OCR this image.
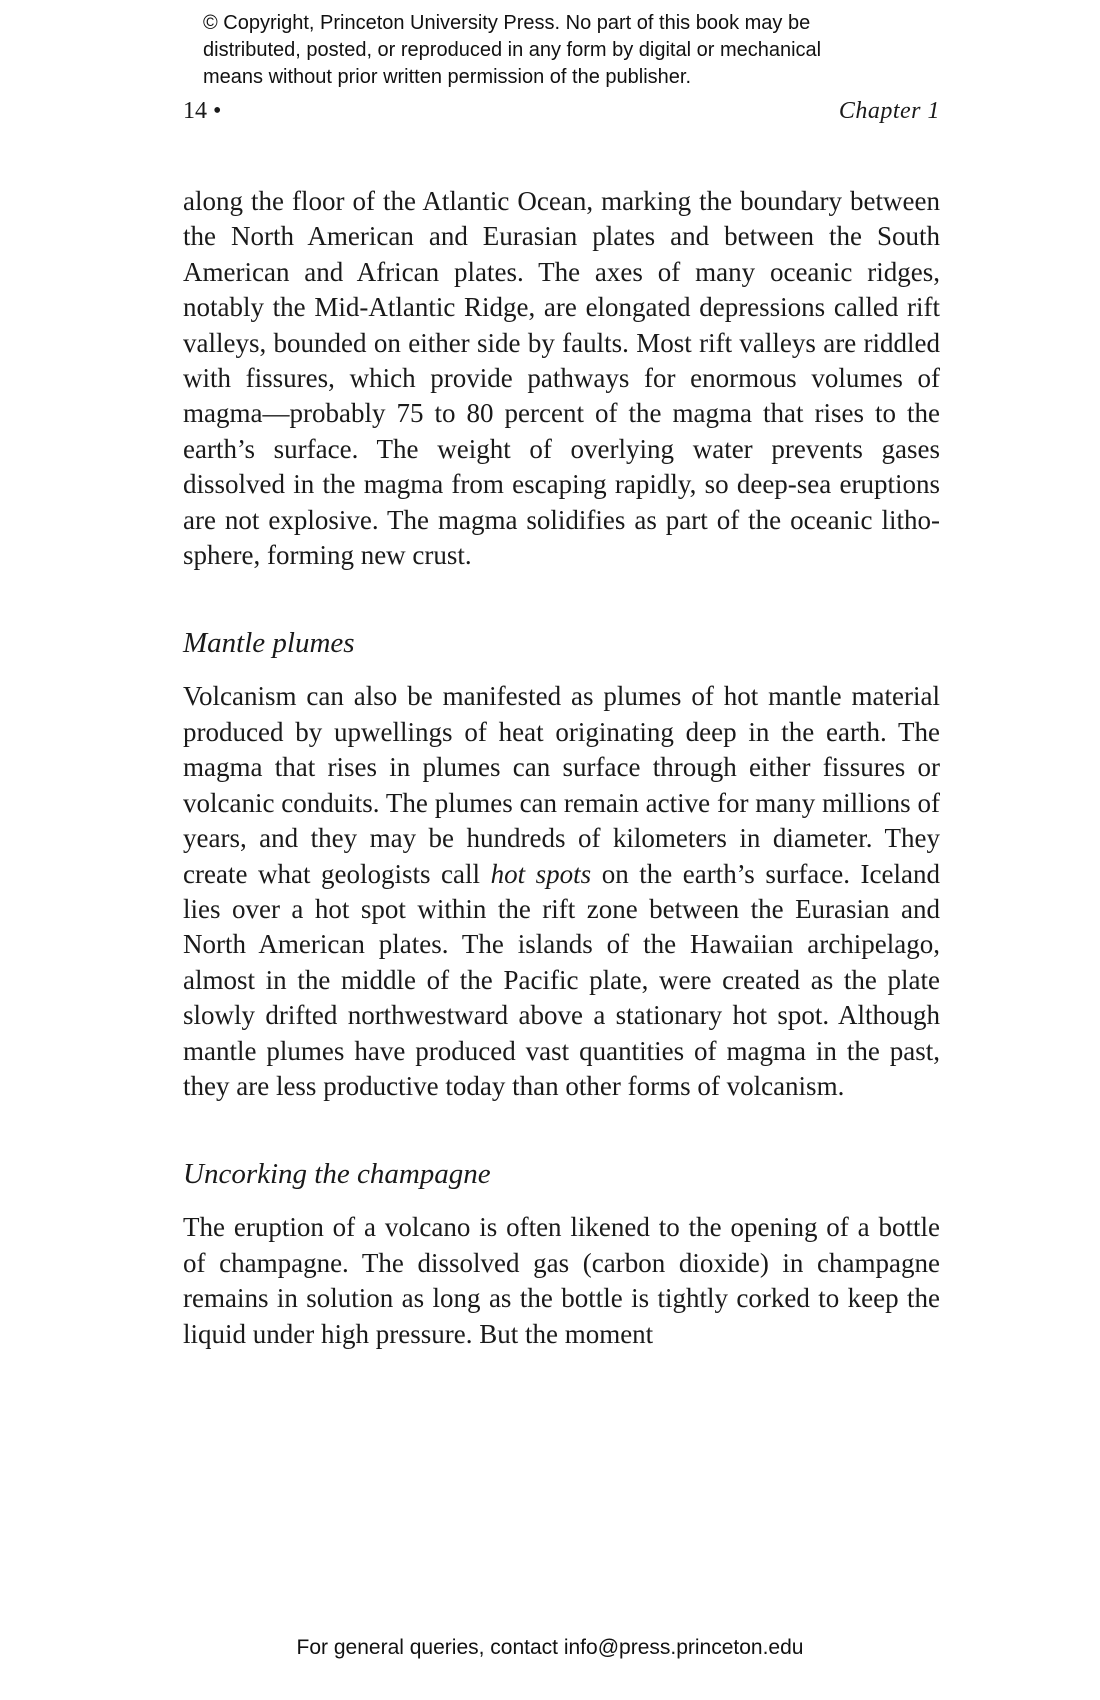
© Copyright, Princeton University Press. No part of this book may be
distributed, posted, or reproduced in any form by digital or mechanical
means without prior written permission of the publisher.
14 •	Chapter 1

along the floor of the Atlantic Ocean, marking the boundary between the North American and Eurasian plates and between the South American and African plates. The axes of many oceanic ridges, notably the Mid-Atlantic Ridge, are elongated depressions called rift valleys, bounded on either side by faults. Most rift valleys are riddled with fissures, which provide pathways for enormous volumes of magma—probably 75 to 80 percent of the magma that rises to the earth’s surface. The weight of overlying water prevents gases dissolved in the magma from escaping rapidly, so deep-sea eruptions are not explosive. The magma solidifies as part of the oceanic lithosphere, forming new crust.

Mantle plumes

Volcanism can also be manifested as plumes of hot mantle material produced by upwellings of heat originating deep in the earth. The magma that rises in plumes can surface through either fissures or volcanic conduits. The plumes can remain active for many millions of years, and they may be hundreds of kilometers in diameter. They create what geologists call hot spots on the earth’s surface. Iceland lies over a hot spot within the rift zone between the Eurasian and North American plates. The islands of the Hawaiian archipelago, almost in the middle of the Pacific plate, were created as the plate slowly drifted northwestward above a stationary hot spot. Although mantle plumes have produced vast quantities of magma in the past, they are less productive today than other forms of volcanism.

Uncorking the champagne

The eruption of a volcano is often likened to the opening of a bottle of champagne. The dissolved gas (carbon dioxide) in champagne remains in solution as long as the bottle is tightly corked to keep the liquid under high pressure. But the moment

For general queries, contact info@press.princeton.edu
